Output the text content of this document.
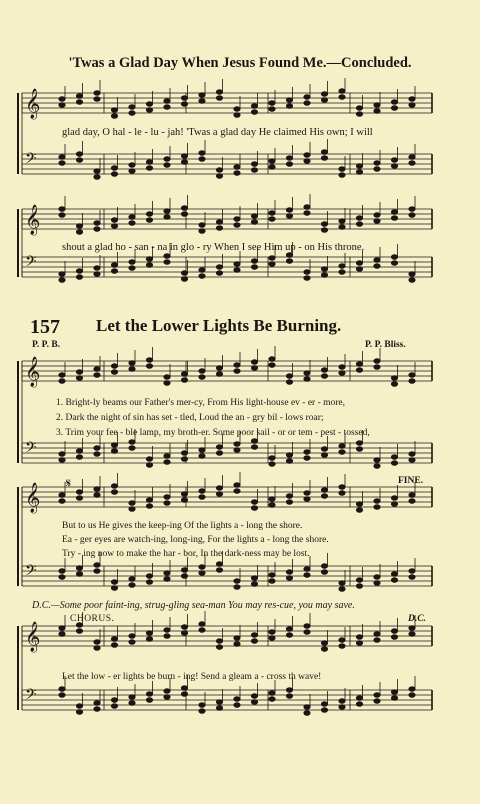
'Twas a Glad Day When Jesus Found Me.—Concluded.
𝄞
𝄢
𝄞
𝄢
𝄞
𝄢
𝄞
𝄢
𝄞
𝄢
glad day, O hal - le - lu - jah! 'Twas a glad day He claimed His own; I will
shout a glad ho - san - na in glo - ry When I see Him up - on His throne.
157 Let the Lower Lights Be Burning.
P. P. B.	P. P. Bliss.
1. Bright-ly beams our Father's mer-cy, From His light-house ev - er - more,
2. Dark the night of sin has set - tled, Loud the an - gry bil - lows roar;
3. Trim your fee - ble lamp, my broth-er. Some poor sail - or or tem - pest - tossed,
𝄋	FINE.
But to us He gives the keep-ing Of the lights a - long the shore.
Ea - ger eyes are watch-ing, long-ing, For the lights a - long the shore.
Try - ing now to make the har - bor, In the dark-ness may be lost.
D.C.—Some poor faint-ing, strug-gling sea-man You may res-cue, you may save.
CHORUS.	D.C.
Let the low - er lights be burn - ing! Send a gleam a - cross th wave!
